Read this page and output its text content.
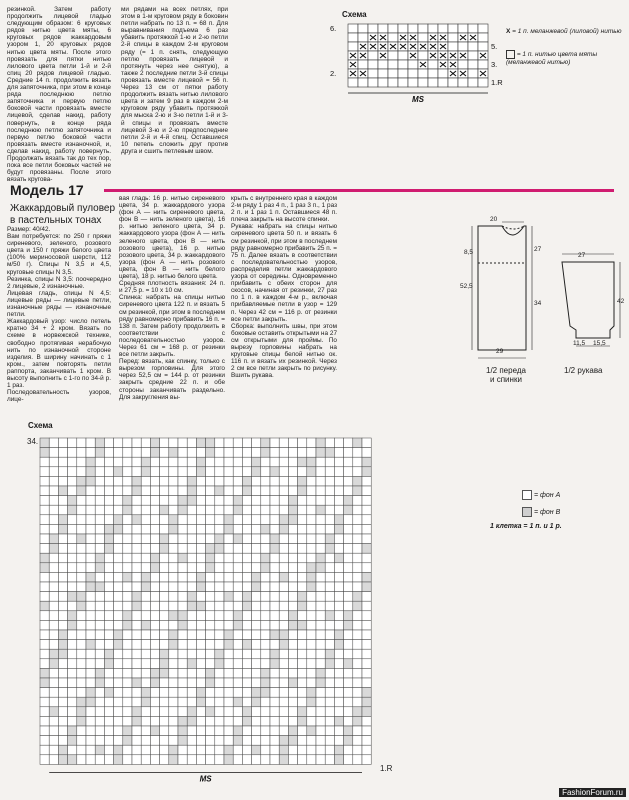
резинкой. Затем работу продолжить лицевой гладью следующим образом: 6 круговых рядов нитью цвета мяты, 6 круговых рядов жаккардовым узором 1, 20 круговых рядов нитью цвета мяты. После этого провязать для пятки нитью лилового цвета петли 1-й и 2-й спиц 20 рядов лицевой гладью. Средние 14 п. продолжить вязать для запяточника, при этом в конце ряда последнюю петлю запяточника и первую петлю боковой части провязать вместе лицевой, сделав накид, работу повернуть, в конце ряда последнюю петлю запяточника и первую петлю боковой части провязать вместе изнаночной, и, сделав накид, работу повернуть. Продолжать вязать так до тех пор, пока все петли боковых частей не будут провязаны. После этого вязать кругова-
ми рядами на всех петлях, при этом в 1-м круговом ряду в боковин петли набрать по 13 п. = 68 п. Для выравнивания подъема 6 раз убавить протяжкой 1-ю и 2-ю петли 2-й спицы в каждом 2-м круговом ряду (= 1 п. снять, следующую петлю провязать лицевой и протянуть через нее снятую), а также 2 последние петли 3-й спицы провязать вместе лицевой = 56 п. Через 13 см от пятки работу продолжить вязать нитью лилового цвета и затем 9 раз в каждом 2-м круговом ряду убавить протяжкой для мыска 2-ю и 3-ю петли 1-й и 3-й спицы и провязать вместе лицевой 3-ю и 2-ю предпоследние петли 2-й и 4-й спиц. Оставшиеся 10 петель сложить друг против друга и сшить петлевым швом.
Схема
6.
5.
3.
2.
1.R
MS
X = 1 п. меланжевой (лиловой) нитью
= 1 п. нитью цвета мяты (меланжевой нитью)
Модель 17
Жаккардовый пуловер
в пастельных тонах
Размер: 40/42.
Вам потребуется: по 250 г пряжи сиреневого, зеленого, розового цвета и 150 г пряжи белого цвета (100% мериносовой шерсти, 112 м/50 г). Спицы N 3,5 и 4,5, круговые спицы N 3,5.
Резинка, спицы N 3,5: поочередно 2 лицевые, 2 изнаночные.
Лицевая гладь, спицы N 4,5: лицевые ряды — лицевые петли, изнаночные ряды — изнаночные петли.
Жаккардовый узор: число петель кратно 34 + 2 кром. Вязать по схеме в норвежской технике, свободно протягивая нерабочую нить по изнаночной стороне изделия. В ширину начинать с 1 кром., затем повторять петли раппорта, заканчивать 1 кром. В высоту выполнить с 1-го по 34-й р. 1 раз.
Последовательность узоров, лице-
вая гладь: 16 р. нитью сиреневого цвета, 34 р. жаккардового узора (фон А — нить сиреневого цвета, фон В — нить зеленого цвета), 16 р. нитью зеленого цвета, 34 р. жаккардового узора (фон А — нить зеленого цвета, фон В — нить розового цвета), 16 р. нитью розового цвета, 34 р. жаккардового узора (фон А — нить розового цвета, фон В — нить белого цвета), 18 р. нитью белого цвета.
Средняя плотность вязания: 24 п. и 27,5 р. = 10 х 10 см.
Спинка: набрать на спицы нитью сиреневого цвета 122 п. и вязать 5 см резинкой, при этом в последнем ряду равномерно прибавить 16 п. = 138 п. Затем работу продолжить в соответствии с последовательностью узоров. Через 61 см = 168 р. от резинки все петли закрыть.
Перед: вязать, как спинку, только с вырезом горловины. Для этого через 52,5 см = 144 р. от резинки закрыть средние 22 п. и обе стороны заканчивать раздельно. Для закругления вы-
крыть с внутреннего края в каждом 2-м ряду 1 раз 4 п., 1 раз 3 п., 1 раз 2 п. и 1 раз 1 п. Оставшиеся 48 п. плеча закрыть на высоте спинки.
Рукава: набрать на спицы нитью сиреневого цвета 50 п. и вязать 6 см резинкой, при этом в последнем ряду равномерно прибавить 25 п. = 75 п. Далее вязать в соответствии с последовательностью узоров, распределив петли жаккардового узора от середины. Одновременно прибавить с обеих сторон для скосов, начиная от резинки, 27 раз по 1 п. в каждом 4-м р., включая прибавляемые петли в узор = 129 п. Через 42 см = 116 р. от резинки все петли закрыть.
Сборка: выполнить швы, при этом боковые оставить открытыми на 27 см открытыми для проймы. По вырезу горловины набрать на круговые спицы белой нитью ок. 116 п. и вязать их резинкой. Через 2 см все петли закрыть по рисунку. Вшить рукава.
20
8,5	27
52,5
34
29
27
42
11,5 15,5
1/2 переда
и спинки
1/2 рукава
Схема
34.
1.R
MS
= фон А
= фон В
1 клетка = 1 п. и 1 р.
FashionForum.ru
